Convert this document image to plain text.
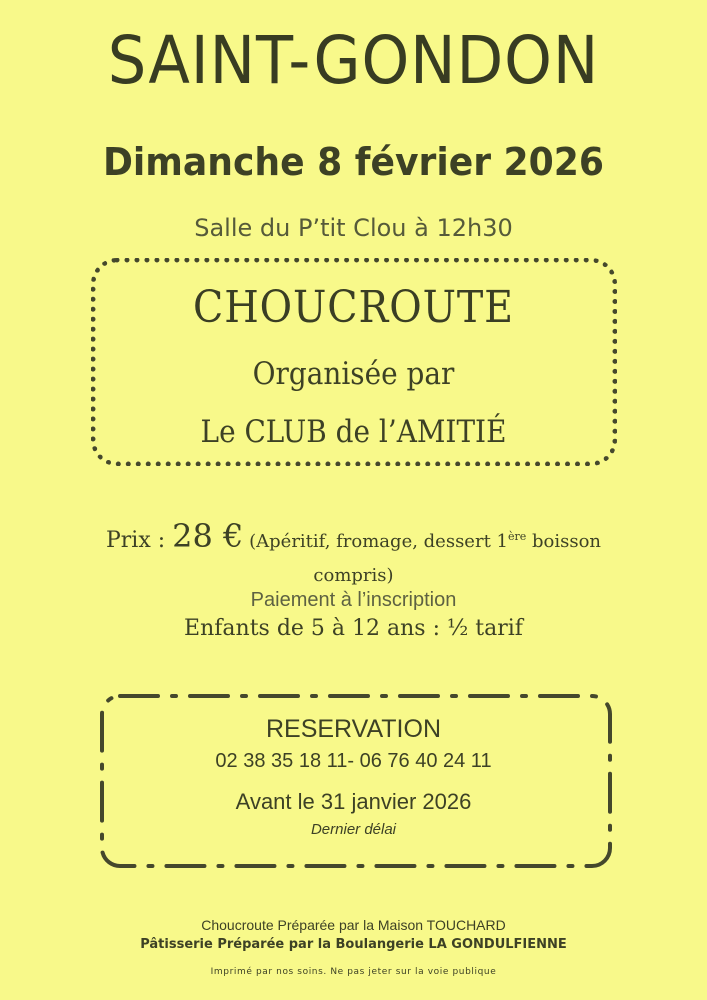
SAINT-GONDON
Dimanche 8 février 2026
Salle du P’tit Clou à 12h30
CHOUCROUTE
Organisée par
Le CLUB de l’AMITIÉ
Prix : 28 € (Apéritif, fromage, dessert 1ère boisson
compris)
Paiement à l’inscription
Enfants de 5 à 12 ans : ½ tarif
RESERVATION
02 38 35 18 11- 06 76 40 24 11
Avant le 31 janvier 2026
Dernier délai
Choucroute Préparée par la Maison TOUCHARD
Pâtisserie Préparée par la Boulangerie LA GONDULFIENNE
Imprimé par nos soins. Ne pas jeter sur la voie publique
